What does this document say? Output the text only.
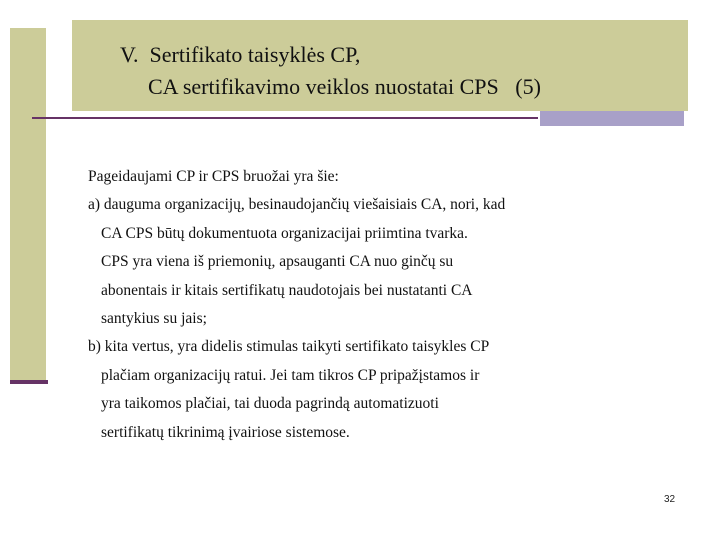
V.  Sertifikato taisyklės CP,
CA sertifikavimo veiklos nuostatai CPS   (5)
Pageidaujami CP ir CPS bruožai yra šie:
a) dauguma organizacijų, besinaudojančių viešaisiais CA, nori, kad
CA CPS būtų dokumentuota organizacijai priimtina tvarka.
CPS yra viena iš priemonių, apsauganti CA nuo ginčų su
abonentais ir kitais sertifikatų naudotojais bei nustatanti CA
santykius su jais;
b) kita vertus, yra didelis stimulas taikyti sertifikato taisykles CP
plačiam organizacijų ratui. Jei tam tikros CP pripažįstamos ir
yra taikomos plačiai, tai duoda pagrindą automatizuoti
sertifikatų tikrinimą įvairiose sistemose.
32
